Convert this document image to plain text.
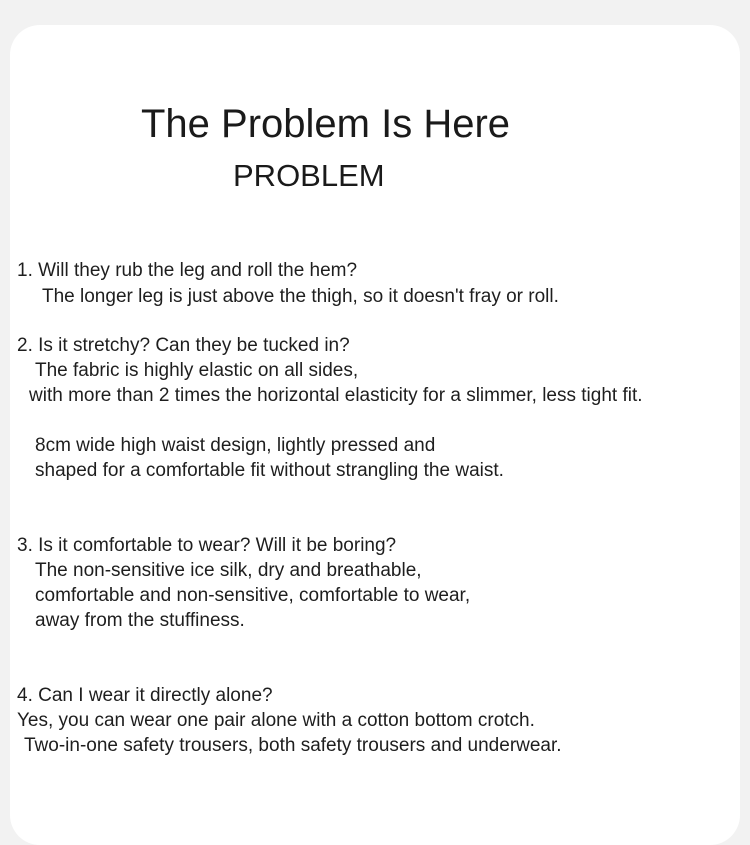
The Problem Is Here
PROBLEM
1. Will they rub the leg and roll the hem?
The longer leg is just above the thigh, so it doesn't fray or roll.
2. Is it stretchy? Can they be tucked in?
The fabric is highly elastic on all sides,
with more than 2 times the horizontal elasticity for a slimmer, less tight fit.
8cm wide high waist design, lightly pressed and
shaped for a comfortable fit without strangling the waist.
3. Is it comfortable to wear? Will it be boring?
The non-sensitive ice silk, dry and breathable,
comfortable and non-sensitive, comfortable to wear,
away from the stuffiness.
4. Can I wear it directly alone?
Yes, you can wear one pair alone with a cotton bottom crotch.
Two-in-one safety trousers, both safety trousers and underwear.
